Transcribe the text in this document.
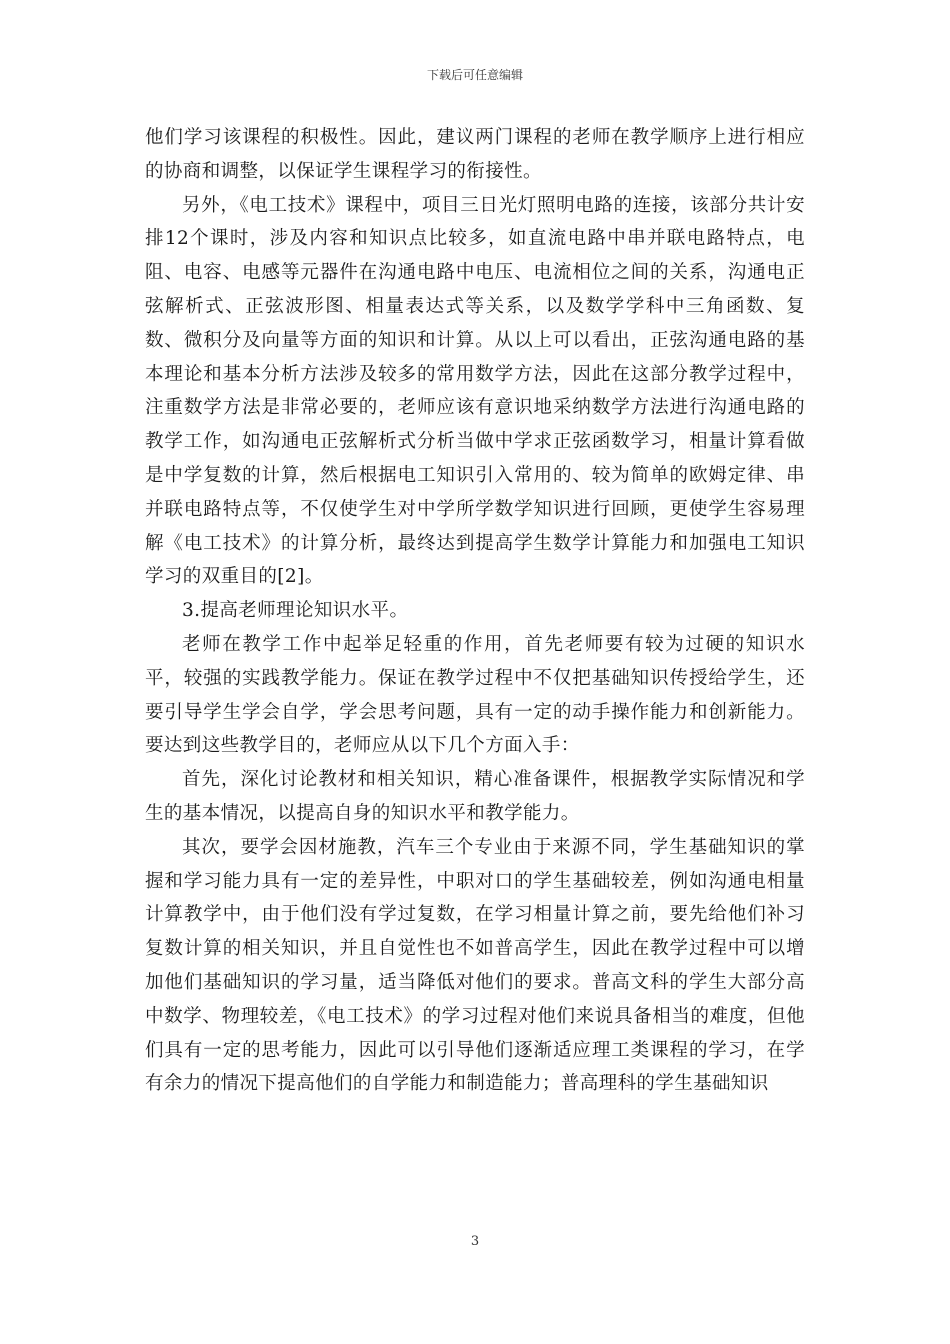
下载后可任意编辑

他们学习该课程的积极性。因此，建议两门课程的老师在教学顺序上进行相应的协商和调整，以保证学生课程学习的衔接性。

另外，《电工技术》课程中，项目三日光灯照明电路的连接，该部分共计安排12个课时，涉及内容和知识点比较多，如直流电路中串并联电路特点，电阻、电容、电感等元器件在沟通电路中电压、电流相位之间的关系，沟通电正弦解析式、正弦波形图、相量表达式等关系，以及数学学科中三角函数、复数、微积分及向量等方面的知识和计算。从以上可以看出，正弦沟通电路的基本理论和基本分析方法涉及较多的常用数学方法，因此在这部分教学过程中，注重数学方法是非常必要的，老师应该有意识地采纳数学方法进行沟通电路的教学工作，如沟通电正弦解析式分析当做中学求正弦函数学习，相量计算看做是中学复数的计算，然后根据电工知识引入常用的、较为简单的欧姆定律、串并联电路特点等，不仅使学生对中学所学数学知识进行回顾，更使学生容易理解《电工技术》的计算分析，最终达到提高学生数学计算能力和加强电工知识学习的双重目的[2]。

3.提高老师理论知识水平。

老师在教学工作中起举足轻重的作用，首先老师要有较为过硬的知识水平，较强的实践教学能力。保证在教学过程中不仅把基础知识传授给学生，还要引导学生学会自学，学会思考问题，具有一定的动手操作能力和创新能力。要达到这些教学目的，老师应从以下几个方面入手：

首先，深化讨论教材和相关知识，精心准备课件，根据教学实际情况和学生的基本情况，以提高自身的知识水平和教学能力。

其次，要学会因材施教，汽车三个专业由于来源不同，学生基础知识的掌握和学习能力具有一定的差异性，中职对口的学生基础较差，例如沟通电相量计算教学中，由于他们没有学过复数，在学习相量计算之前，要先给他们补习复数计算的相关知识，并且自觉性也不如普高学生，因此在教学过程中可以增加他们基础知识的学习量，适当降低对他们的要求。普高文科的学生大部分高中数学、物理较差，《电工技术》的学习过程对他们来说具备相当的难度，但他们具有一定的思考能力，因此可以引导他们逐渐适应理工类课程的学习，在学有余力的情况下提高他们的自学能力和制造能力；普高理科的学生基础知识

3
